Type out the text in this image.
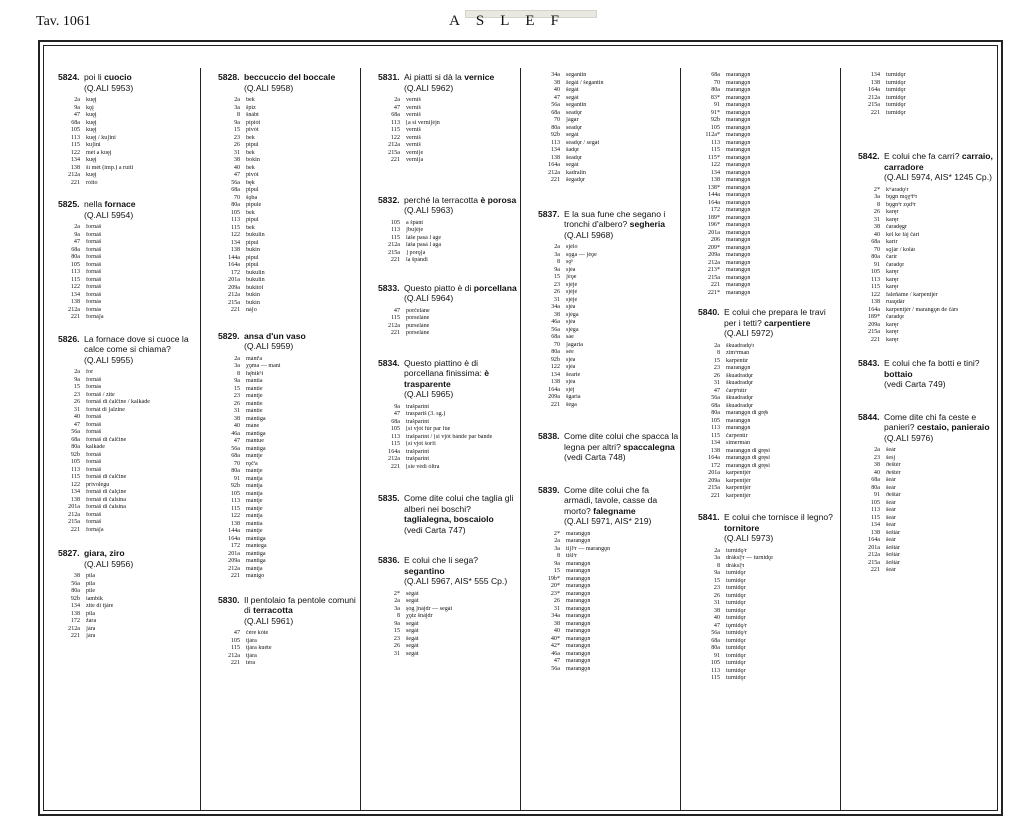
Tav. 1061	ASLEF
5824. poi li cuocio
(Q.ALI 5953)
2a kuęį
9a kǫį
47 kuęį
68a kuęį
105 kuęį
113 kuęį / kuʃini
115 kuʃini
122 mét a kuęį
134 kuęį
138 šì mét (imp.) a ruìti
212a kuęį
221 rόito
5825. nella fornace
(Q.ALI 5954)
2a fornáš
9a fornáš
47 fornáš
68a fornáš
80a fornáš
105 fornáš
113 fornáš
115 fornáš
122 fornáš
134 fornáš
138 fornàs
212a fornàs
221 fornáʃa
5826. La fornace dove si cuoce la calce come si chiama?
(Q.ALI 5955)
2a for
9a fornáš
15 fornàs
23 fornáš / zite
26 fornáš di čalčine / kalkáde
31 fornàt di ʃalzine
40 fornáš
47 fornáš
56a fornáš
68a fornáš di čalčine
80a kalkáde
92b fornáš
105 fornáš
113 fornáš
115 fornáš di čalčine
122 privolégu
134 fornáš di čalçine
138 fornáš di čalsina
201a fornáš di čalsina
212a fornáš
215a fornáš
221 fornáʃa
5827. giara, ziro
(Q.ALI 5956)
38 pila
56a pila
80a pile
92b iambik
134 zite di tjáre
138 pila
172 žára
212a ʃára
221 ʃára
5828. beccuccio del boccale
(Q.ALI 5958)
2a bek
3a špiz
8 šnábt
9a pipiòt
15 pivòt
23 bek
26 pipul
31 bek
38 bokin
40 bek
47 pivòt
56a bęk
68a pipul
70 šǫba
80a pipule
105 bek
113 pipul
115 bek
122 bukulin
134 pipul
138 bukin
144a pipul
164a pipul
172 bukulin
201a bukulin
209a bukitòl
212a bukin
215a bukin
221 náʃo
5829. ansa d'un vaso
(Q.ALI 5959)
2a mántⁱa
3a χǫma — mani
8 hę̄ntkʰi
9a mántia
15 mántie
23 mántje
26 mántie
31 mántie
38 mántiga
40 máne
46a mántiga
47 mántue
56a mántiga
68a mántje
70 rǫčⁱa
80a mántje
91 mántja
92b mántja
105 mántja
113 mántje
115 mántje
122 mántja
138 mántia
144a mántje
164a mántiga
172 mantega
201a mántiga
209a mantiga
212a mántja
221 mánigo
5830. Il pentolaio fa pentole comuni di terracotta
(Q.ALI 5961)
47 čère kòte
105 tjára
115 tjára kuète
212a tjára
221 téra
5831. Ai piatti si dà la vernice
(Q.ALI 5962)
2a verniš
47 verniš
68a verniš
113 [a si verniʃéjn
115 verniš
122 verniš
212a verniš
215a verniʃe
221 verniʃa
5832. perché la terracotta è porosa
(Q.ALI 5963)
105 a špánt
113 ʃbuʃéje
115 láše pasá l áge
212a láša pasá l ága
215a ] porǫʃa
221 la špándi
5833. Questo piatto è di porcellana
(Q.ALI 5964)
47 porčeláne
115 porseláne
212a purseláne
221 porseláne
5834. Questo piattino è di porcellana finissima: è trasparente
(Q.ALI 5965)
9a trašparínt
47 traspariš (3. sg.)
68a trašparínt
105 [si vjòt fúr par fùe
113 trašparínt / [si vjòt bánde par bánde
115 [si vjòt šorfi
164a trašparínt
212a trašparint
221 [sie védi òltra
5835. Come dite colui che taglia gli alberi nei boschi? taglialegna, boscaiolo
(vedi Carta 747)
5836. E colui che li sega? segantino
(Q.ALI 5967, AIS* 555 Cp.)
2* ségát
2a segát
3a șog ʃnájdr — segát
8 χǫtz šnájdr
9a segát
15 segát
23 šegát
26 segát
31 segát
34a segantin
38 šegát / šegantin
40 šegát
47 segát
56a segantin
68a seadǫr
70 ʃágar
80a seadǫr
92b segát
113 seadǫr / segát
134 šadǫr
138 šeadǫr
164a segát
212a kadralin
221 šegadǫr
5837. E la sua fune che segano i tronchi d'albero? segheria
(Q.ALI 5968)
2a sjélo
3a sǫga — ʃéǫe
8 sǫᵏ
9a sjéa
15 ʃéǫe
23 sjéje
26 sjéje
31 sjéje
34a sjéa
38 sjéga
46a sjéa
56a sjéga
68a sáe
70 ʃagaria
80a sèe
92b sjéa
122 sjéa
134 šearie
138 sjéa
164a sjéj
209a šgaria
221 šéga
5838. Come dite colui che spacca la legna per altri? spaccalegna
(vedi Carta 748)
5839. Come dite colui che fa armadi, tavole, casse da morto? falegname
(Q.ALI 5971, AIS* 219)
2* marangǫn
2a marangǫn
3a tiʃlᵊr — marangǫn
8 tišlᵊr
9a marangǫn
15 marangǫn
19b* marangǫn
20* marangǫn
23* marangǫn
26 marangǫn
31 marangǫn
34a marangǫn
38 marangǫn
40 marangǫn
40* marangǫn
42* marangǫn
46a marangǫn
47 marangǫn
56a marangǫn
68a marangǫn
70 marangǫn
80a marangǫn
83* marangǫn
91 marangǫn
91* marangǫn
92b marangǫn
105 marangǫn
112a* marangǫn
113 marangǫn
115 marangǫn
115* marangǫn
122 marangǫn
134 marangǫn
138 marangǫn
138* marangǫn
144a marangǫn
164a marangǫn
172 marangǫn
189* marangǫn
196* marangǫn
201a marangǫn
206 marangǫn
209* marangǫn
209a marangǫn
212a marangǫn
213* marangǫn
215a marangǫn
221 marangǫn
221* marangǫn
5840. E colui che prepara le travi per i tetti? carpentiere
(Q.ALI 5972)
2a škuadradǫʳr
8 zimᵊrman
15 karpentír
23 marangǫn
26 škuadradǫr
31 škuadradǫr
47 čarpᵉntír
56a škuadradǫr
68a škuadradǫr
80a marangǫn di grę̄s
105 marangǫn
113 marangǫn
115 čarpentír
134 simermán
138 marangǫn di gręsi
164a marangǫn di gręsi
172 marangǫn di gręsi
201a karpentjér
209a karpentjér
215a karpentjér
221 karpentjér
5841. E colui che tornisce il legno? tornitore
(Q.ALI 5973)
2a turnidǫʳr
3a dráksl̥ᵊr — turnidǫr
8 dráksl̥ᵊr
9a turnidǫr
15 turnidǫr
23 turnidǫr
26 turnidǫr
31 turnidǫr
38 turnidǫr
40 turnidǫr
47 tǫrnidǫʳr
56a turnidǫʳr
68a turnidǫr
80a turnidǫr
91 tornidǫr
105 turnidǫr
113 turnidǫr
115 turnidǫr
134 turnidǫr
138 turnidǫr
164a turnidǫr
212a turnidǫr
215a turnidǫr
221 turnidǫr
5842. E colui che fa carri? carraio, carradore
(Q.ALI 5974, AIS* 1245 Cp.)
2* kʷaradǫʳr
3a bǫgn mǫχᵊřᵊr
8 bǫgnᵊr zǫdᵊr
26 karęr
31 karęr
38 čaradęgr
40 kél ke fáj čári
68a karír
70 sǫʃár / kolár
80a čarír
91 čaradǫr
105 karęr
113 karęr
115 karęr
122 faleňáme / karpentjér
138 ruaǫdár
164a karpentjér / marangǫn de čárs
189* čaradǫr
209a karęr
215a karęr
221 karęr
5843. E colui che fa botti e tini? bottaio
(vedi Carta 749)
5844. Come dite chi fa ceste e panieri? cestaio, panieraio
(Q.ALI 5976)
2a šeár
23 šeśj
38 ðeštér
40 ðeštér
68a šeár
80a šeár
91 ðeštár
105 šeár
113 šeár
115 šeár
134 šeár
138 šeštár
164a šeár
201a šeštár
212a šeštár
215a šeštár
221 šeár
